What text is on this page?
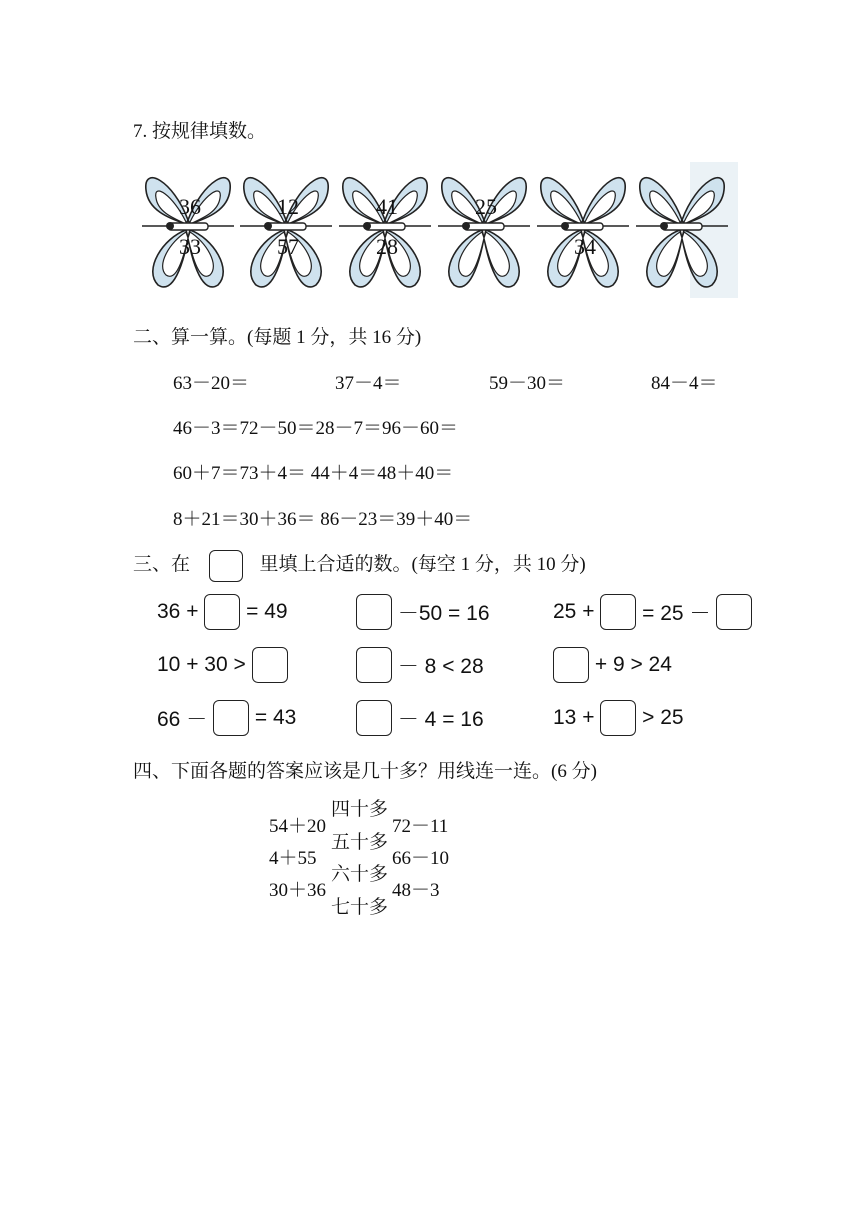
7. 按规律填数。
36
33
12
57
41
28
25
34
二、算一算。(每题 1 分，共 16 分)
63－20＝	37－4＝	59－30＝	84－4＝
46－3＝72－50＝28－7＝96－60＝
60＋7＝73＋4＝ 44＋4＝48＋40＝
8＋21＝30＋36＝ 86－23＝39＋40＝
三、在	里填上合适的数。(每空 1 分，共 10 分)
36 + = 49	－50 = 16	25 + = 25 －
10 + 30 >	－ 8 < 28	+ 9 > 24
66 － = 43	－ 4 = 16	13 + > 25
四、下面各题的答案应该是几十多？用线连一连。(6 分)
54＋20
4＋55
30＋36
四十多
五十多
六十多
七十多
72－11
66－10
48－3
